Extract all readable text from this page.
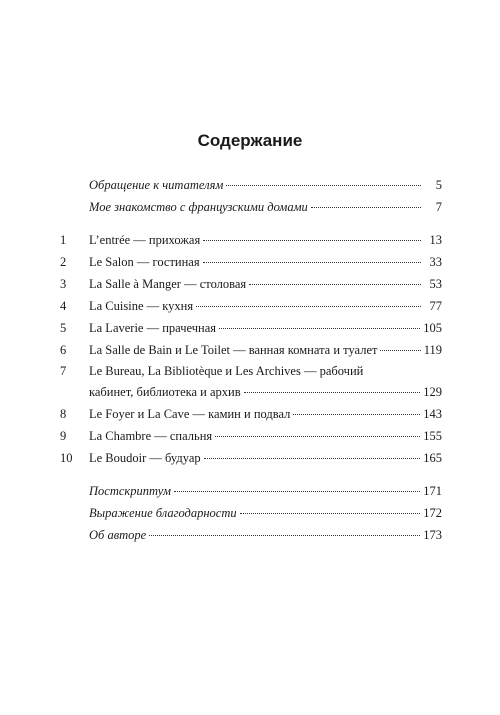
Содержание
Обращение к читателям	5
Мое знакомство с французскими домами	7
1	L’entrée — прихожая	13
2	Le Salon — гостиная	33
3	La Salle à Manger — столовая	53
4	La Cuisine — кухня	77
5	La Laverie — прачечная	105
6	La Salle de Bain и Le Toilet — ванная комната и туалет	119
7	Le Bureau, La Bibliotèque и Les Archives — рабочий
кабинет, библиотека и архив	129
8	Le Foyer и La Cave — камин и подвал	143
9	La Chambre — спальня	155
10	Le Boudoir — будуар	165
Постскриптум	171
Выражение благодарности	172
Об авторе	173
